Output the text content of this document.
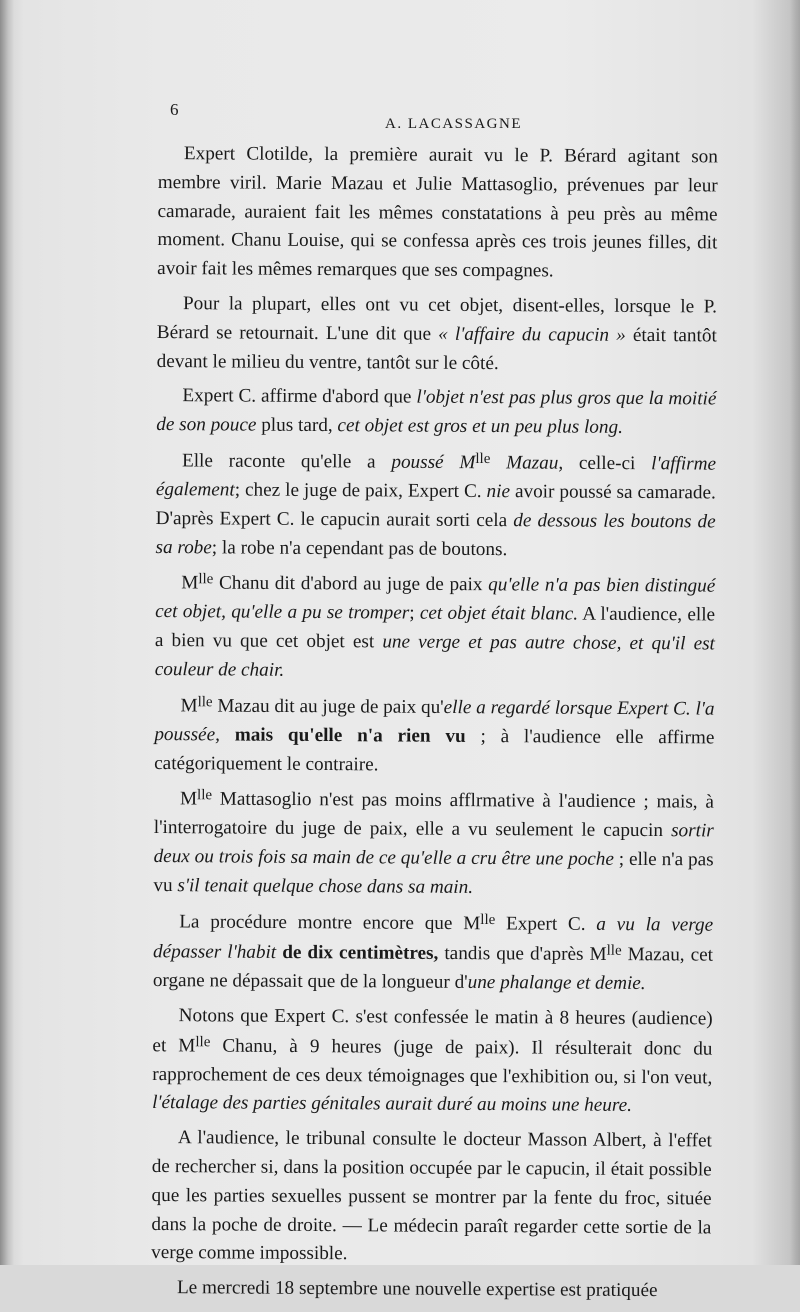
6
A. LACASSAGNE

Expert Clotilde, la première aurait vu le P. Bérard agitant son membre viril. Marie Mazau et Julie Mattasoglio, prévenues par leur camarade, auraient fait les mêmes constatations à peu près au même moment. Chanu Louise, qui se confessa après ces trois jeunes filles, dit avoir fait les mêmes remarques que ses compagnes.

Pour la plupart, elles ont vu cet objet, disent-elles, lorsque le P. Bérard se retournait. L'une dit que « l'affaire du capucin » était tantôt devant le milieu du ventre, tantôt sur le côté.

Expert C. affirme d'abord que l'objet n'est pas plus gros que la moitié de son pouce plus tard, cet objet est gros et un peu plus long.

Elle raconte qu'elle a poussé $M^{lle}$ Mazau, celle-ci l'affirme également; chez le juge de paix, Expert C. nie avoir poussé sa camarade. D'après Expert C. le capucin aurait sorti cela de dessous les boutons de sa robe; la robe n'a cependant pas de boutons.

$M^{lle}$ Chanu dit d'abord au juge de paix qu'elle n'a pas bien distingué cet objet, qu'elle a pu se tromper; cet objet était blanc. A l'audience, elle a bien vu que cet objet est une verge et pas autre chose, et qu'il est couleur de chair.

$M^{lle}$ Mazau dit au juge de paix qu'elle a regardé lorsque Expert C. l'a poussée, mais qu'elle n'a rien vu ; à l'audience elle affirme catégoriquement le contraire.

$M^{lle}$ Mattasoglio n'est pas moins afflrmative à l'audience ; mais, à l'interrogatoire du juge de paix, elle a vu seulement le capucin sortir deux ou trois fois sa main de ce qu'elle a cru être une poche ; elle n'a pas vu s'il tenait quelque chose dans sa main.

La procédure montre encore que $M^{lle}$ Expert C. a vu la verge dépasser l'habit de dix centimètres, tandis que d'après $M^{lle}$ Mazau, cet organe ne dépassait que de la longueur d'une phalange et demie.

Notons que Expert C. s'est confessée le matin à 8 heures (audience) et $M^{lle}$ Chanu, à 9 heures (juge de paix). Il résulterait donc du rapprochement de ces deux témoignages que l'exhibition ou, si l'on veut, l'étalage des parties génitales aurait duré au moins une heure.

A l'audience, le tribunal consulte le docteur Masson Albert, à l'effet de rechercher si, dans la position occupée par le capucin, il était possible que les parties sexuelles pussent se montrer par la fente du froc, située dans la poche de droite. — Le médecin paraît regarder cette sortie de la verge comme impossible.

Le mercredi 18 septembre une nouvelle expertise est pratiquée
